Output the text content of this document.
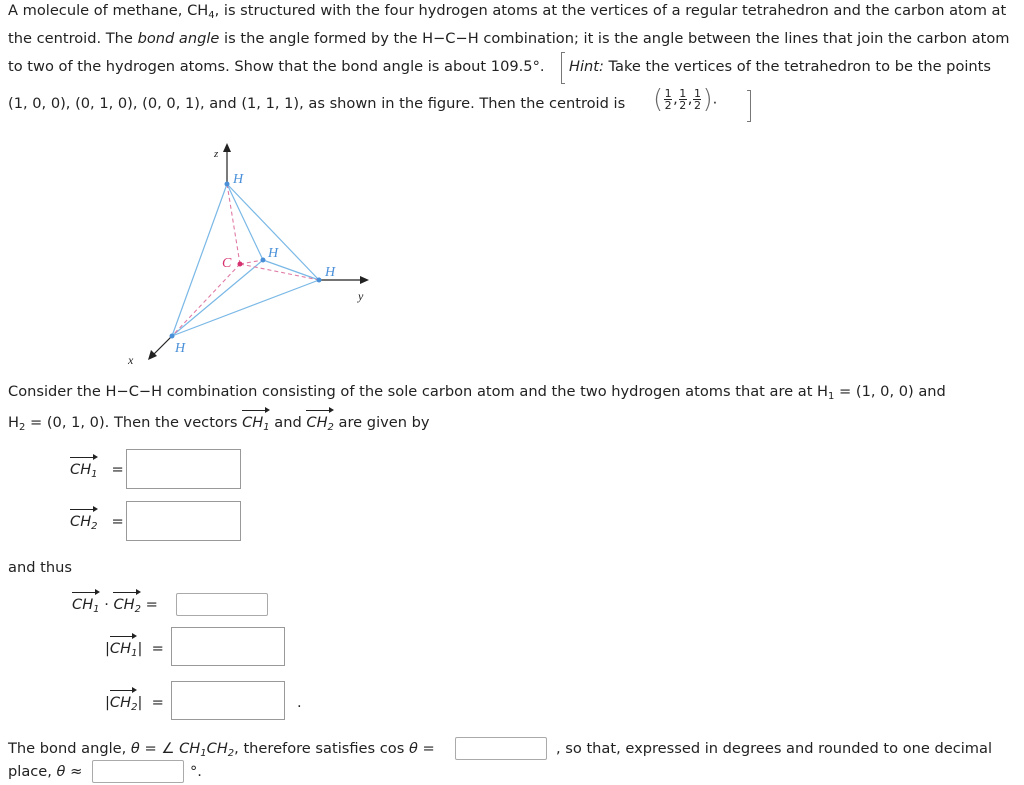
A molecule of methane, $CH_4$, is structured with the four hydrogen atoms at the vertices of a regular tetrahedron and the carbon atom at
the centroid. The bond angle is the angle formed by the H−C−H combination; it is the angle between the lines that join the carbon atom
to two of the hydrogen atoms. Show that the bond angle is about 109.5°. Hint: Take the vertices of the tetrahedron to be the points
(1, 0, 0), (0, 1, 0), (0, 0, 1), and (1, 1, 1), as shown in the figure. Then the centroid is ( $\frac{1}{2}$ , $\frac{1}{2}$ , $\frac{1}{2}$ ).
z
y
x
H
H
H
H
C
Consider the H−C−H combination consisting of the sole carbon atom and the two hydrogen atoms that are at $H_1 = (1$, 0, 0) and
$H_2 = (0$, 1, 0). Then the vectors $CH_1$ and $CH_2$ are given by
$CH_1$ =
$CH_2$ =
and thus
$CH_1 \cdot CH_2$ =
$|CH_1|$  =
$|CH_2|$  =	.
The bond angle, θ = ∠ $CH_1CH_2$, therefore satisfies cos θ =	, so that, expressed in degrees and rounded to one decimal
place, θ ≈	°.
